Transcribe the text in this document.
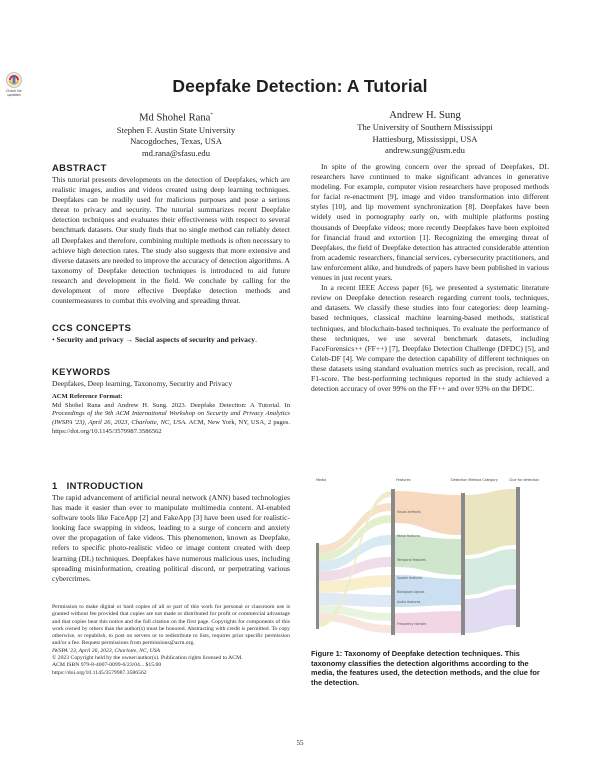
Check for updates	Deepfake Detection: A Tutorial
Md Shohel Rana*
Stephen F. Austin State University
Nacogdoches, Texas, USA
md.rana@sfasu.edu
Andrew H. Sung
The University of Southern Mississippi
Hattiesburg, Mississippi, USA
andrew.sung@usm.edu
ABSTRACT
This tutorial presents developments on the detection of Deepfakes, which are realistic images, audios and videos created using deep learning techniques. Deepfakes can be readily used for malicious purposes and pose a serious threat to privacy and security. The tutorial summarizes recent Deepfake detection techniques and evaluates their effectiveness with respect to several benchmark datasets. Our study finds that no single method can reliably detect all Deepfakes and therefore, combining multiple methods is often necessary to achieve high detection rates. The study also suggests that more extensive and diverse datasets are needed to improve the accuracy of detection algorithms. A taxonomy of Deepfake detection techniques is introduced to aid future research and development in the field. We conclude by calling for the development of more effective Deepfake detection methods and countermeasures to combat this evolving and spreading threat.
CCS CONCEPTS
• Security and privacy → Social aspects of security and privacy.
KEYWORDS
Deepfakes, Deep learning, Taxonomy, Security and Privacy
ACM Reference Format:
Md Shohel Rana and Andrew H. Sung. 2023. Deepfake Detection: A Tutorial. In Proceedings of the 9th ACM International Workshop on Security and Privacy Analytics (IWSPA '23), April 26, 2023, Charlotte, NC, USA. ACM, New York, NY, USA, 2 pages. https://doi.org/10.1145/3579987.3586562
1 INTRODUCTION
The rapid advancement of artificial neural network (ANN) based technologies has made it easier than ever to manipulate multimedia content. AI-enabled software tools like FaceApp [2] and FakeApp [3] have been used for realistic-looking face swapping in videos, leading to a surge of concern and anxiety over the propagation of fake videos. This phenomenon, known as Deepfake, refers to specific photo-realistic video or image content created with deep learning (DL) techniques. Deepfakes have numerous malicious uses, including spreading misinformation, creating political discord, or perpetrating various cybercrimes.
Permission to make digital or hard copies of all or part of this work for personal or classroom use is granted without fee provided that copies are not made or distributed for profit or commercial advantage and that copies bear this notice and the full citation on the first page. Copyrights for components of this work owned by others than the author(s) must be honored. Abstracting with credit is permitted. To copy otherwise, or republish, to post on servers or to redistribute to lists, requires prior specific permission and/or a fee. Request permissions from permissions@acm.org.
IWSPA '23, April 26, 2023, Charlotte, NC, USA
© 2023 Copyright held by the owner/author(s). Publication rights licensed to ACM.
ACM ISBN 979-8-4007-0099-6/23/04... $15.00
https://doi.org/10.1145/3579987.3586562

In spite of the growing concern over the spread of Deepfakes, DL researchers have continued to make significant advances in generative modeling. For example, computer vision researchers have proposed methods for facial re-enactment [9], image and video transformation into different styles [10], and lip movement synchronization [8]. Deepfakes have been widely used in pornography early on, with multiple platforms posting thousands of Deepfake videos; more recently Deepfakes have been exploited for financial fraud and extortion [1]. Recognizing the emerging threat of Deepfakes, the field of Deepfake detection has attracted considerable attention from academic researchers, financial services, cybersecurity practitioners, and law enforcement alike, and hundreds of papers have been published in various venues in just recent years.

In a recent IEEE Access paper [6], we presented a systematic literature review on Deepfake detection research regarding current tools, techniques, and datasets. We classify these studies into four categories: deep learning-based techniques, classical machine learning-based methods, statistical techniques, and blockchain-based techniques. To evaluate the performance of these techniques, we use several benchmark datasets, including FaceForensics++ (FF++) [7], Deepfake Detection Challenge (DFDC) [5], and Celeb-DF [4]. We compare the detection capability of different techniques on these datasets using standard evaluation metrics such as precision, recall, and F1-score. The best-performing techniques reported in the study achieved a detection accuracy of over 99% on the FF++ and over 93% on the DFDC.

Media	Features	Detection Method Category	Clue for detection
Visual artifacts
Facial features
Temporal features
Spatial features
Biological signals
Audio features
Frequency domain
Figure 1: Taxonomy of Deepfake detection techniques. This taxonomy classifies the detection algorithms according to the media, the features used, the detection methods, and the clue for the detection.
55
